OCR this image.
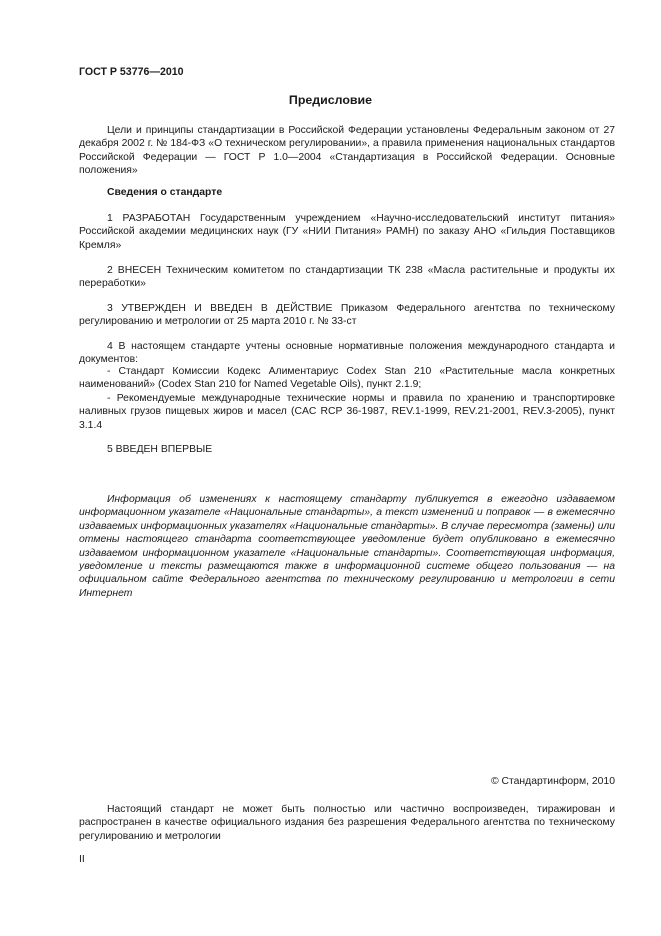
ГОСТ Р 53776—2010
Предисловие

Цели и принципы стандартизации в Российской Федерации установлены Федеральным законом от 27 декабря 2002 г. № 184-ФЗ «О техническом регулировании», а правила применения национальных стандартов Российской Федерации — ГОСТ Р 1.0—2004 «Стандартизация в Российской Федерации. Основные положения»

Сведения о стандарте

1 РАЗРАБОТАН Государственным учреждением «Научно-исследовательский институт питания» Российской академии медицинских наук (ГУ «НИИ Питания» РАМН) по заказу АНО «Гильдия Поставщиков Кремля»

2 ВНЕСЕН Техническим комитетом по стандартизации ТК 238 «Масла растительные и продукты их переработки»

3 УТВЕРЖДЕН И ВВЕДЕН В ДЕЙСТВИЕ Приказом Федерального агентства по техническому регулированию и метрологии от 25 марта 2010 г. № 33-ст

4 В настоящем стандарте учтены основные нормативные положения международного стандарта и документов:

- Стандарт Комиссии Кодекс Алиментариус Codex Stan 210 «Растительные масла конкретных наименований» (Codex Stan 210 for Named Vegetable Oils), пункт 2.1.9;

- Рекомендуемые международные технические нормы и правила по хранению и транспортировке наливных грузов пищевых жиров и масел (CAC RCP 36-1987, REV.1-1999, REV.21-2001, REV.3-2005), пункт 3.1.4

5 ВВЕДЕН ВПЕРВЫЕ

Информация об изменениях к настоящему стандарту публикуется в ежегодно издаваемом информационном указателе «Национальные стандарты», а текст изменений и поправок — в ежемесячно издаваемых информационных указателях «Национальные стандарты». В случае пересмотра (замены) или отмены настоящего стандарта соответствующее уведомление будет опубликовано в ежемесячно издаваемом информационном указателе «Национальные стандарты». Соответствующая информация, уведомление и тексты размещаются также в информационной системе общего пользования — на официальном сайте Федерального агентства по техническому регулированию и метрологии в сети Интернет

© Стандартинформ, 2010

Настоящий стандарт не может быть полностью или частично воспроизведен, тиражирован и распространен в качестве официального издания без разрешения Федерального агентства по техническому регулированию и метрологии

II
